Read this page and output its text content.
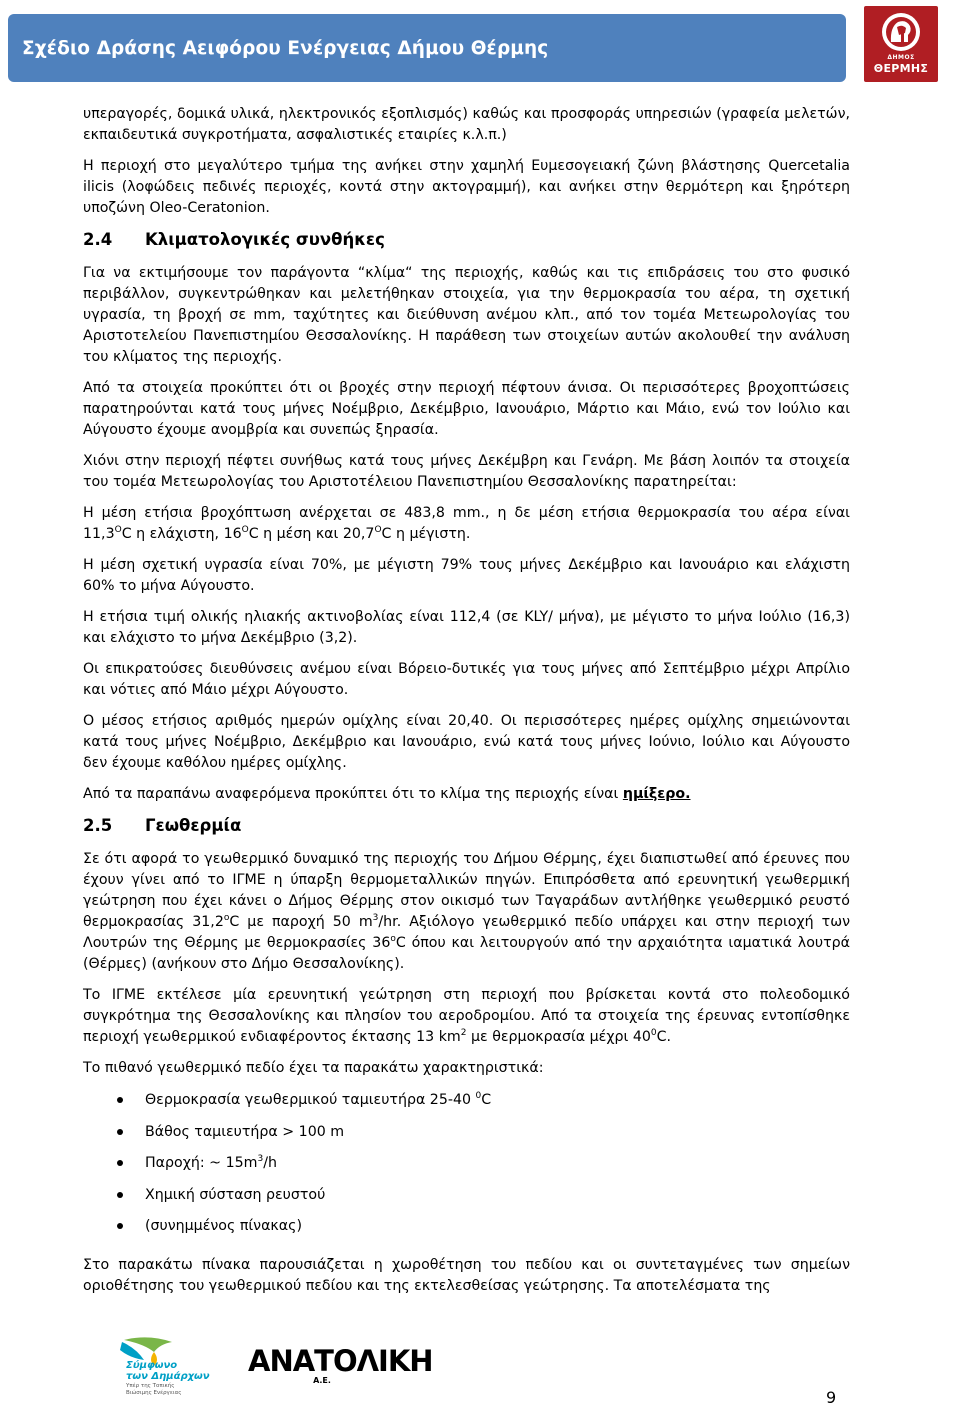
Σχέδιο Δράσης Αειφόρου Ενέργειας Δήμου Θέρμης	ΔΗΜΟΣ
ΘΕΡΜΗΣ

υπεραγορές, δομικά υλικά, ηλεκτρονικός εξοπλισμός) καθώς και προσφοράς υπηρεσιών (γραφεία μελετών, εκπαιδευτικά συγκροτήματα, ασφαλιστικές εταιρίες κ.λ.π.)

Η περιοχή στο μεγαλύτερο τμήμα της ανήκει στην χαμηλή Ευμεσογειακή ζώνη βλάστησης Quercetalia ilicis (λοφώδεις πεδινές περιοχές, κοντά στην ακτογραμμή), και ανήκει στην θερμότερη και ξηρότερη υποζώνη Oleo-Ceratonion.

2.4 Κλιματολογικές συνθήκες

Για να εκτιμήσουμε τον παράγοντα “κλίμα“ της περιοχής, καθώς και τις επιδράσεις του στο φυσικό περιβάλλον, συγκεντρώθηκαν και μελετήθηκαν στοιχεία, για την θερμοκρασία του αέρα, τη σχετική υγρασία, τη βροχή σε mm, ταχύτητες και διεύθυνση ανέμου κλπ., από τον τομέα Μετεωρολογίας του Αριστοτελείου Πανεπιστημίου Θεσσαλονίκης. Η παράθεση των στοιχείων αυτών ακολουθεί την ανάλυση του κλίματος της περιοχής.

Από τα στοιχεία προκύπτει ότι οι βροχές στην περιοχή πέφτουν άνισα. Οι περισσότερες βροχοπτώσεις παρατηρούνται κατά τους μήνες Νοέμβριο, Δεκέμβριο, Ιανουάριο, Μάρτιο και Μάιο, ενώ τον Ιούλιο και Αύγουστο έχουμε ανομβρία και συνεπώς ξηρασία.

Χιόνι στην περιοχή πέφτει συνήθως κατά τους μήνες Δεκέμβρη και Γενάρη. Με βάση λοιπόν τα στοιχεία του τομέα Μετεωρολογίας του Αριστοτέλειου Πανεπιστημίου Θεσσαλονίκης παρατηρείται:

Η μέση ετήσια βροχόπτωση ανέρχεται σε 483,8 mm., η δε μέση ετήσια θερμοκρασία του αέρα είναι $11,3^OC$ η ελάχιστη, $16^OC$ η μέση και $20,7^OC$ η μέγιστη.

Η μέση σχετική υγρασία είναι 70%, με μέγιστη 79% τους μήνες Δεκέμβριο και Ιανουάριο και ελάχιστη 60% το μήνα Αύγουστο.

Η ετήσια τιμή ολικής ηλιακής ακτινοβολίας είναι 112,4 (σε KLY/ μήνα), με μέγιστο το μήνα Ιούλιο (16,3) και ελάχιστο το μήνα Δεκέμβριο (3,2).

Οι επικρατούσες διευθύνσεις ανέμου είναι Βόρειο-δυτικές για τους μήνες από Σεπτέμβριο μέχρι Απρίλιο και νότιες από Μάιο μέχρι Αύγουστο.

Ο μέσος ετήσιος αριθμός ημερών ομίχλης είναι 20,40. Οι περισσότερες ημέρες ομίχλης σημειώνονται κατά τους μήνες Νοέμβριο, Δεκέμβριο και Ιανουάριο, ενώ κατά τους μήνες Ιούνιο, Ιούλιο και Αύγουστο δεν έχουμε καθόλου ημέρες ομίχλης.

Από τα παραπάνω αναφερόμενα προκύπτει ότι το κλίμα της περιοχής είναι ημίξερο.

2.5 Γεωθερμία

Σε ότι αφορά το γεωθερμικό δυναμικό της περιοχής του Δήμου Θέρμης, έχει διαπιστωθεί από έρευνες που έχουν γίνει από το ΙΓΜΕ η ύπαρξη θερμομεταλλικών πηγών. Επιπρόσθετα από ερευνητική γεωθερμική γεώτρηση που έχει κάνει ο Δήμος Θέρμης στον οικισμό των Ταγαράδων αντλήθηκε γεωθερμικό ρευστό θερμοκρασίας 31,2$^o$C με παροχή 50 $m^3/hr$. Αξιόλογο γεωθερμικό πεδίο υπάρχει και στην περιοχή των Λουτρών της Θέρμης με θερμοκρασίες 36$^o$C όπου και λειτουργούν από την αρχαιότητα ιαματικά λουτρά (Θέρμες) (ανήκουν στο Δήμο Θεσσαλονίκης).

Το ΙΓΜΕ εκτέλεσε μία ερευνητική γεώτρηση στη περιοχή που βρίσκεται κοντά στο πολεοδομικό συγκρότημα της Θεσσαλονίκης και πλησίον του αεροδρομίου. Από τα στοιχεία της έρευνας εντοπίσθηκε περιοχή γεωθερμικού ενδιαφέροντος έκτασης 13 $km^2$ με θερμοκρασία μέχρι $40^0C$.

Το πιθανό γεωθερμικό πεδίο έχει τα παρακάτω χαρακτηριστικά:

Θερμοκρασία γεωθερμικού ταμιευτήρα 25-40 $^0$C
Βάθος ταμιευτήρα > 100 m
Παροχή: ~ $15m^3/h$
Χημική σύσταση ρευστού
(συνημμένος πίνακας)

Στο παρακάτω πίνακα παρουσιάζεται η χωροθέτηση του πεδίου και οι συντεταγμένες των σημείων οριοθέτησης του γεωθερμικού πεδίου και της εκτελεσθείσας γεώτρησης. Τα αποτελέσματα της

Σύμφωνο
των Δημάρχων
Υπέρ της Τοπικής
Βιώσιμης Ενέργειας
ΑΝΑΤΟΛΙΚΗ
Α.Ε.
9
